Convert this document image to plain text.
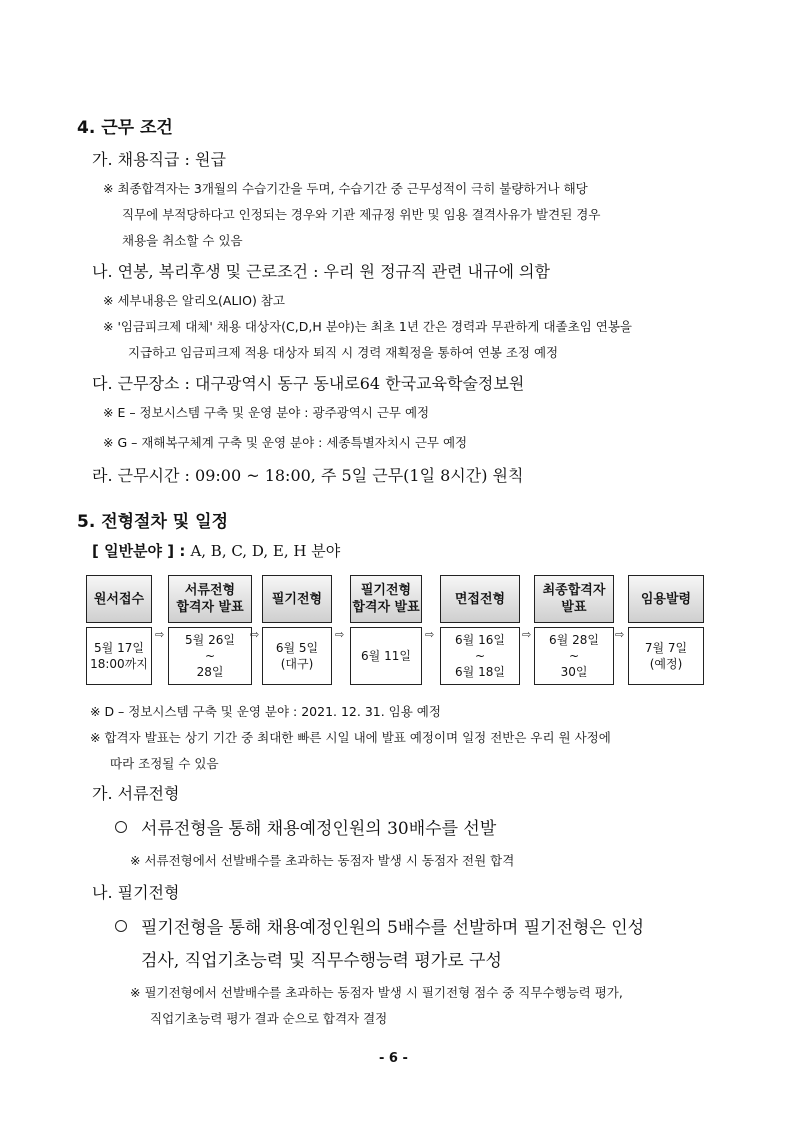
4. 근무 조건
가. 채용직급 : 원급
※ 최종합격자는 3개월의 수습기간을 두며, 수습기간 중 근무성적이 극히 불량하거나 해당
직무에 부적당하다고 인정되는 경우와 기관 제규정 위반 및 임용 결격사유가 발견된 경우
채용을 취소할 수 있음
나. 연봉, 복리후생 및 근로조건 : 우리 원 정규직 관련 내규에 의함
※ 세부내용은 알리오(ALIO) 참고
※ '임금피크제 대체' 채용 대상자(C,D,H 분야)는 최초 1년 간은 경력과 무관하게 대졸초임 연봉을
지급하고 임금피크제 적용 대상자 퇴직 시 경력 재획정을 통하여 연봉 조정 예정
다. 근무장소 : 대구광역시 동구 동내로64 한국교육학술정보원
※ E – 정보시스템 구축 및 운영 분야 : 광주광역시 근무 예정
※ G – 재해복구체계 구축 및 운영 분야 : 세종특별자치시 근무 예정
라. 근무시간 : 09:00 ~ 18:00, 주 5일 근무(1일 8시간) 원칙
5. 전형절차 및 일정
[ 일반분야 ] : A, B, C, D, E, H 분야
원서접수
5월 17일
18:00까지
⇨
서류전형
합격자 발표
5월 26일
~
28일
⇨
필기전형
6월 5일
(대구)
⇨
필기전형
합격자 발표
6월 11일
⇨
면접전형
6월 16일
~
6월 18일
⇨
최종합격자
발표
6월 28일
~
30일
⇨
임용발령
7월 7일
(예정)
※ D – 정보시스템 구축 및 운영 분야 : 2021. 12. 31. 임용 예정
※ 합격자 발표는 상기 기간 중 최대한 빠른 시일 내에 발표 예정이며 일정 전반은 우리 원 사정에
따라 조정될 수 있음
가. 서류전형
서류전형을 통해 채용예정인원의 30배수를 선발
※ 서류전형에서 선발배수를 초과하는 동점자 발생 시 동점자 전원 합격
나. 필기전형
필기전형을 통해 채용예정인원의 5배수를 선발하며 필기전형은 인성
검사, 직업기초능력 및 직무수행능력 평가로 구성
※ 필기전형에서 선발배수를 초과하는 동점자 발생 시 필기전형 점수 중 직무수행능력 평가,
직업기초능력 평가 결과 순으로 합격자 결정
- 6 -
